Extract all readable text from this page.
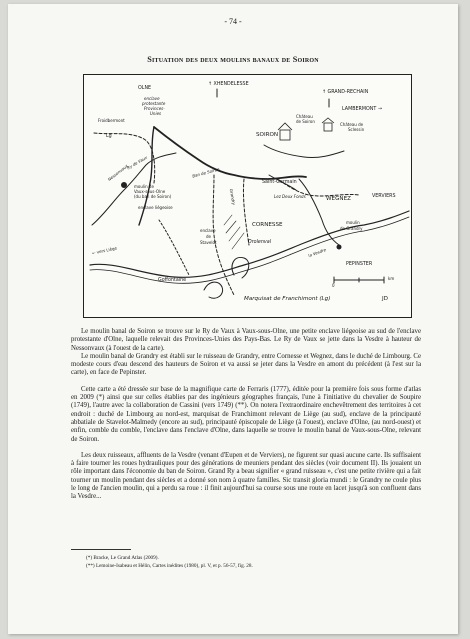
- 74 -
Situation des deux moulins banaux de Soiron
OLNE
enclave
protestante
Provinces-
Unies
↑ XHENDELESSE
↑ GRAND-RECHAIN
Château
de Soiron
SOIRON
LAMBERMONT →
Château de
Sclessin
Froidbermont
Lg
Nessonvaux
Ry de Vaux
moulin de
Vaux-sous-Olne
(du ban de Soiron)
enclave liégeoise
Saint-Germain
Lez Deux Fonds	WEGNEZ	VERVIERS
moulin
de Grandry
CORNESSE
Drolenval
la Vesdre
← vers Liège
enclave
de
Stavelot
Goffontaine
PEPINSTER
0
km
Marquisat de Franchimont (Lg)	JD
Ban de Soiron
Grandry

Le moulin banal de Soiron se trouve sur le Ry de Vaux à Vaux-sous-Olne, une petite enclave liégeoise au sud de l'enclave protestante d'Olne, laquelle relevait des Provinces-Unies des Pays-Bas. Le Ry de Vaux se jette dans la Vesdre à hauteur de Nessonvaux (à l'ouest de la carte).

Le moulin banal de Grandry est établi sur le ruisseau de Grandry, entre Cornesse et Wegnez, dans le duché de Limbourg. Ce modeste cours d'eau descend des hauteurs de Soiron et va aussi se jeter dans la Vesdre en amont du précédent (à l'est sur la carte), en face de Pepinster.

Cette carte a été dressée sur base de la magnifique carte de Ferraris (1777), éditée pour la première fois sous forme d'atlas en 2009 (*) ainsi que sur celles établies par des ingénieurs géographes français, l'une à l'initiative du chevalier de Soupire (1749), l'autre avec la collaboration de Cassini (vers 1749) (**). On notera l'extraordinaire enchevêtrement des territoires à cet endroit : duché de Limbourg au nord-est, marquisat de Franchimont relevant de Liège (au sud), enclave de la principauté abbatiale de Stavelot-Malmedy (encore au sud), principauté épiscopale de Liège (à l'ouest), enclave d'Olne, (au nord-ouest) et enfin, comble du comble, l'enclave dans l'enclave d'Olne, dans laquelle se trouve le moulin banal de Vaux-sous-Olne, relevant de Soiron.

Les deux ruisseaux, affluents de la Vesdre (venant d'Eupen et de Verviers), ne figurent sur quasi aucune carte. Ils suffisaient à faire tourner les roues hydrauliques pour des générations de meuniers pendant des siècles (voir document II). Ils jouaient un rôle important dans l'économie du ban de Soiron. Grand Ry a beau signifier « grand ruisseau », c'est une petite rivière qui a fait tourner un moulin pendant des siècles et a donné son nom à quatre familles. Sic transit gloria mundi : le Grandry ne coule plus le long de l'ancien moulin, qui a perdu sa roue : il finit aujourd'hui sa course sous une route en lacet jusqu'à son confluent dans la Vesdre...

(*) Bracke, Le Grand Atlas (2009).
(**) Lemoine-Isabeau et Hélin, Cartes inédites (1980), pl. V, et p. 56-57, fig. 28.
